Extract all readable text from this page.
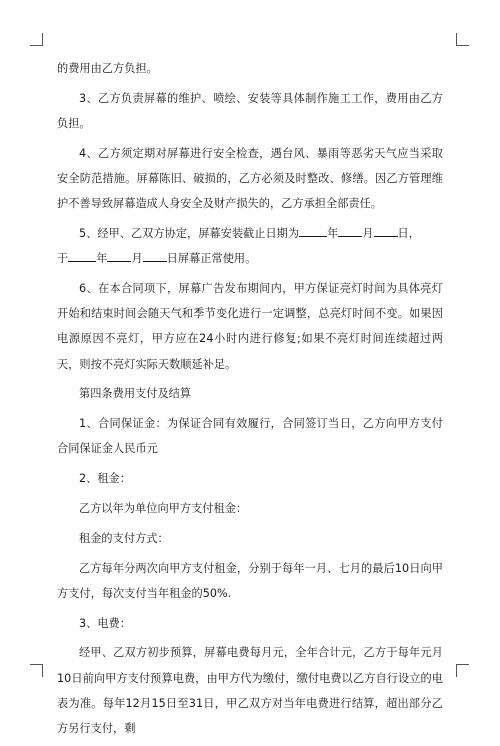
的费用由乙方负担。

3、乙方负责屏幕的维护、喷绘、安装等具体制作施工工作，费用由乙方负担。

4、乙方须定期对屏幕进行安全检查，遇台风、暴雨等恶劣天气应当采取安全防范措施。屏幕陈旧、破损的，乙方必须及时整改、修缮。因乙方管理维护不善导致屏幕造成人身安全及财产损失的，乙方承担全部责任。

5、经甲、乙双方协定，屏幕安装截止日期为	年 月 日，
于	年 月 日屏幕正常使用。

6、在本合同项下，屏幕广告发布期间内，甲方保证亮灯时间为具体亮灯开始和结束时间会随天气和季节变化进行一定调整，总亮灯时间不变。如果因电源原因不亮灯，甲方应在24小时内进行修复;如果不亮灯时间连续超过两天，则按不亮灯实际天数顺延补足。

第四条费用支付及结算

1、合同保证金：为保证合同有效履行，合同签订当日，乙方向甲方支付合同保证金人民币元

2、租金：

乙方以年为单位向甲方支付租金：

租金的支付方式：

乙方每年分两次向甲方支付租金，分别于每年一月、七月的最后10日向甲方支付，每次支付当年租金的50%.

3、电费：

经甲、乙双方初步预算，屏幕电费每月元，全年合计元，乙方于每年元月10日前向甲方支付预算电费，由甲方代为缴付，缴付电费以乙方自行设立的电表为准。每年12月15日至31日，甲乙双方对当年电费进行结算，超出部分乙方另行支付，剩
